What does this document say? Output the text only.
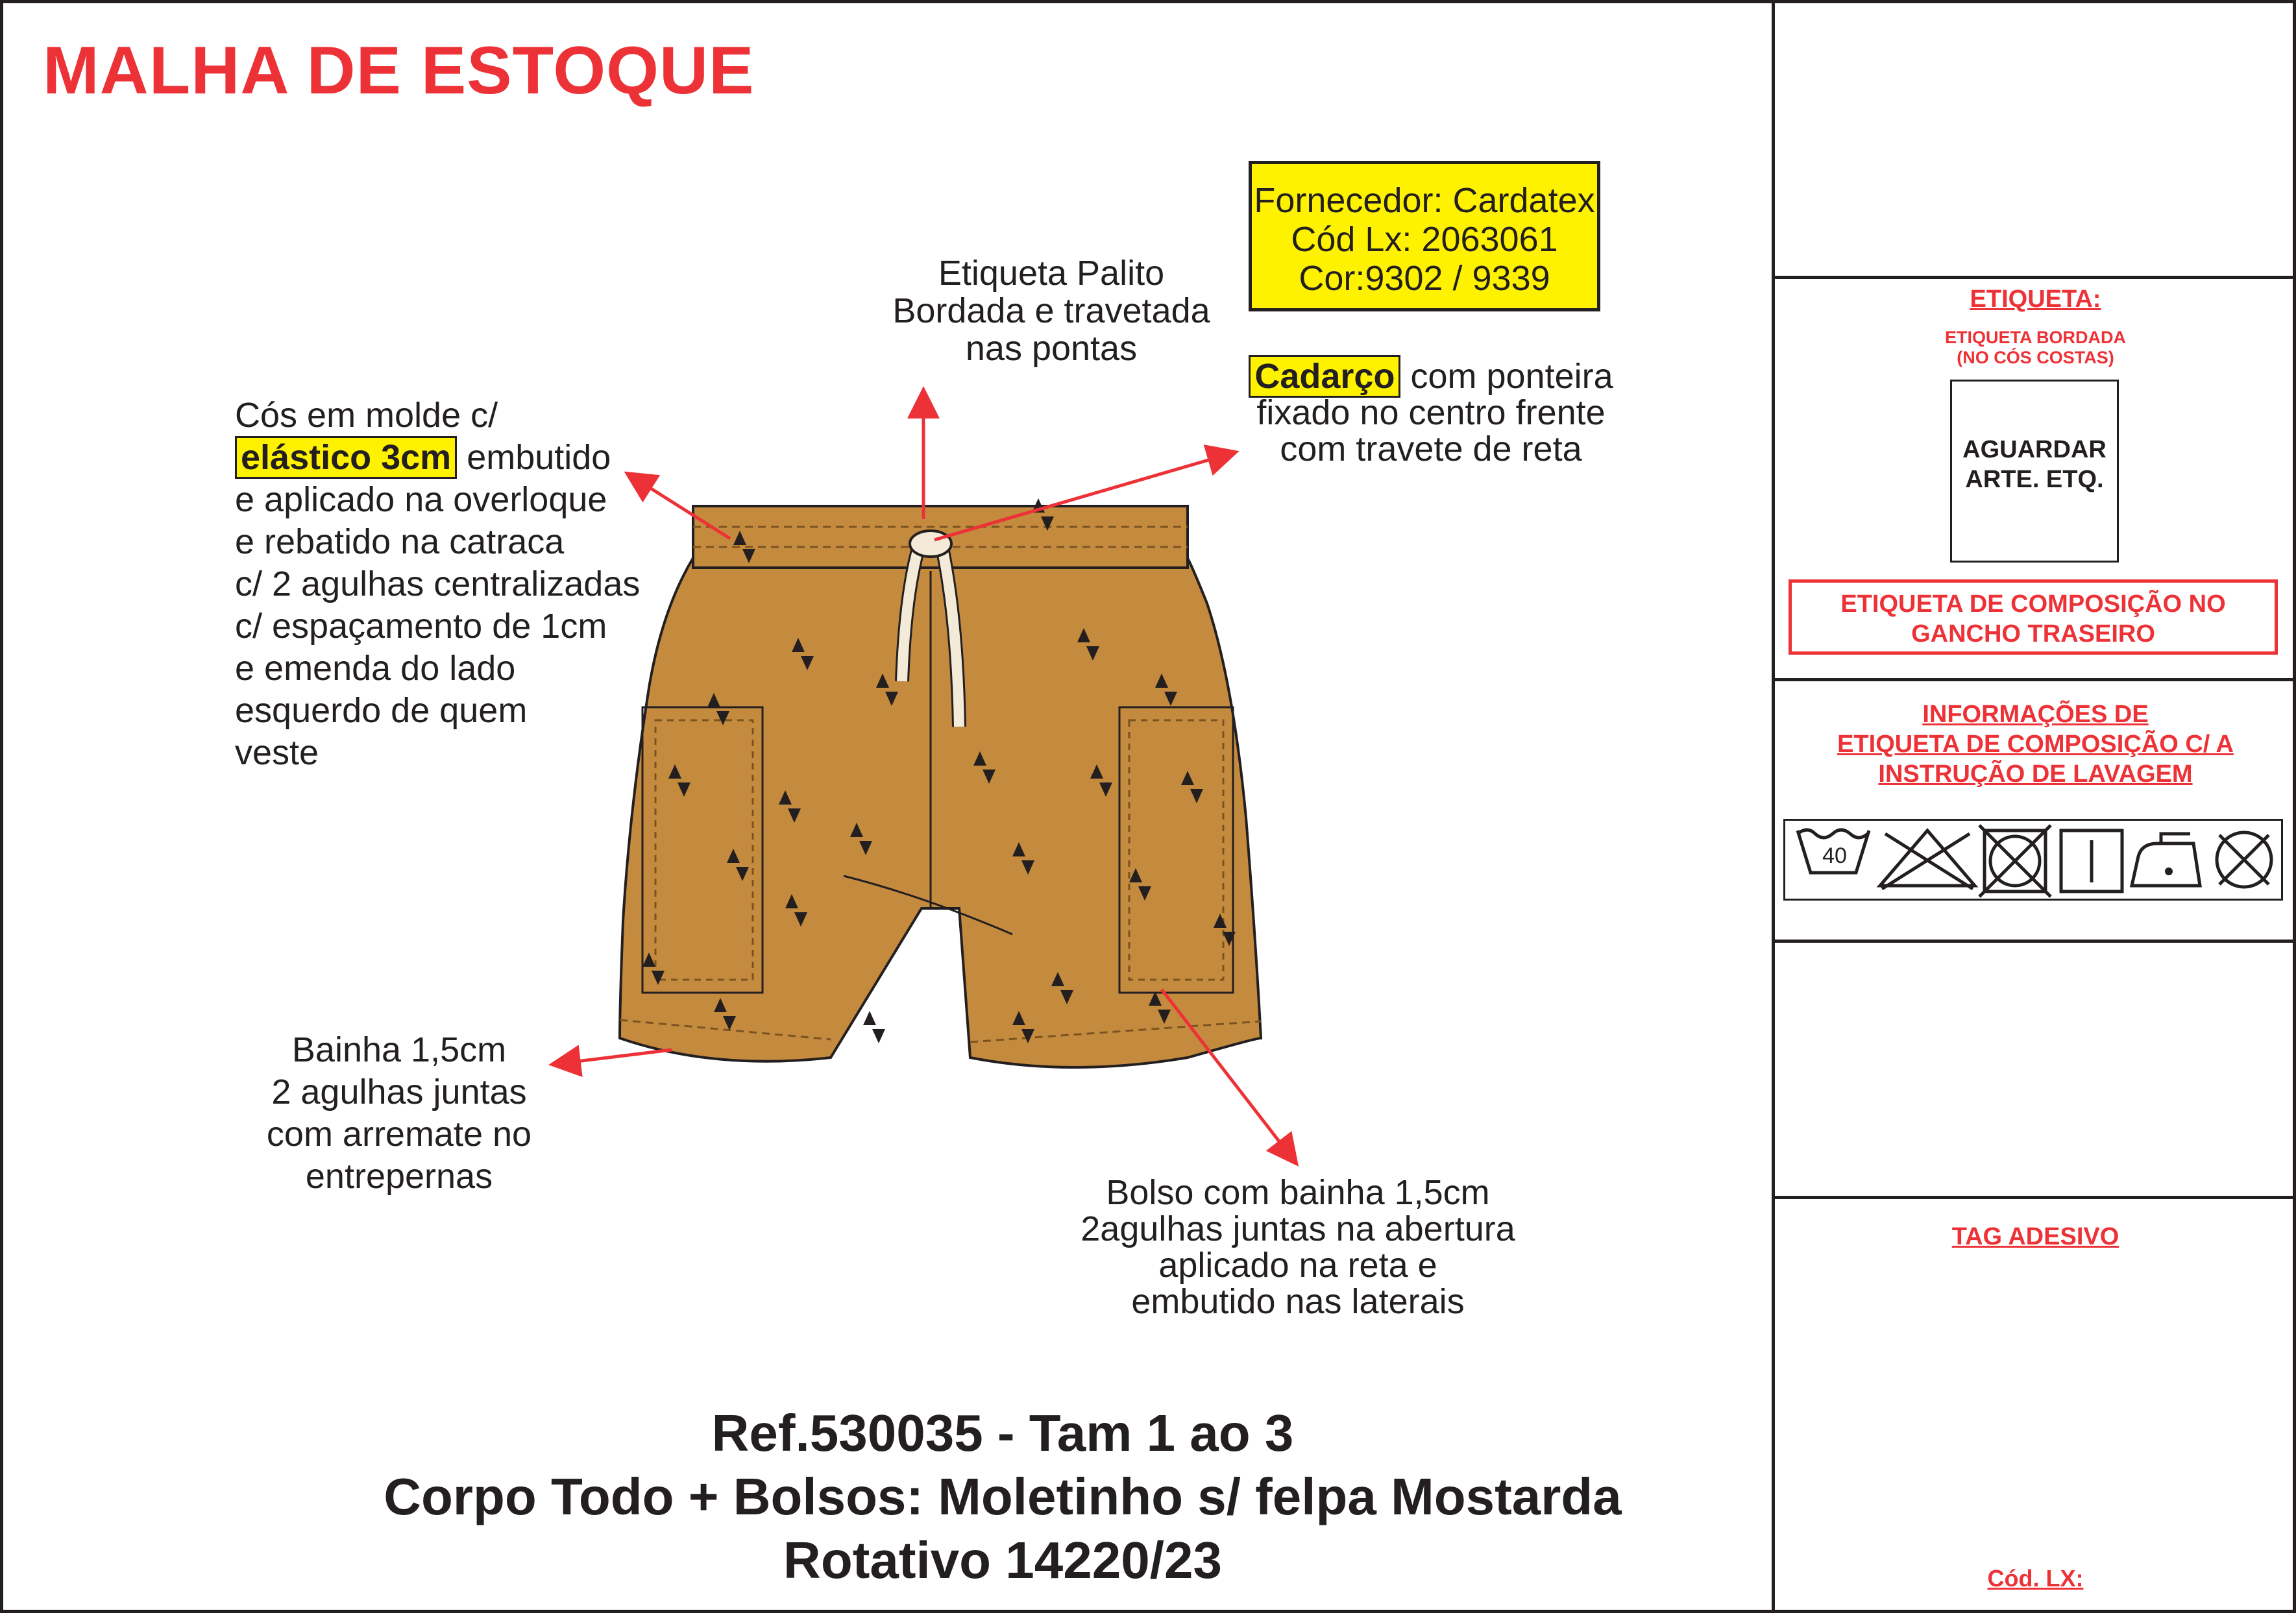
MALHA DE ESTOQUE
Fornecedor: Cardatex
Cód Lx: 2063061
Cor:9302 / 9339
Etiqueta Palito
Bordada e travetada
nas pontas
Cadarço com ponteira
fixado no centro frente
com travete de reta
Cós em molde c/
elástico 3cm embutido
e aplicado na overloque
e rebatido na catraca
c/ 2 agulhas centralizadas
c/ espaçamento de 1cm
e emenda do lado
esquerdo de quem
veste
Bainha 1,5cm
2 agulhas juntas
com arremate no
entrepernas	Bolso com bainha 1,5cm
2agulhas juntas na abertura
aplicado na reta e
embutido nas laterais
Ref.530035 - Tam 1 ao 3
Corpo Todo + Bolsos: Moletinho s/ felpa Mostarda
Rotativo 14220/23
ETIQUETA:
ETIQUETA BORDADA
(NO CÓS COSTAS)
AGUARDAR
ARTE. ETQ.
ETIQUETA DE COMPOSIÇÃO NO
GANCHO TRASEIRO
INFORMAÇÕES DE
ETIQUETA DE COMPOSIÇÃO C/ A
INSTRUÇÃO DE LAVAGEM
TAG ADESIVO
Cód. LX:
40
